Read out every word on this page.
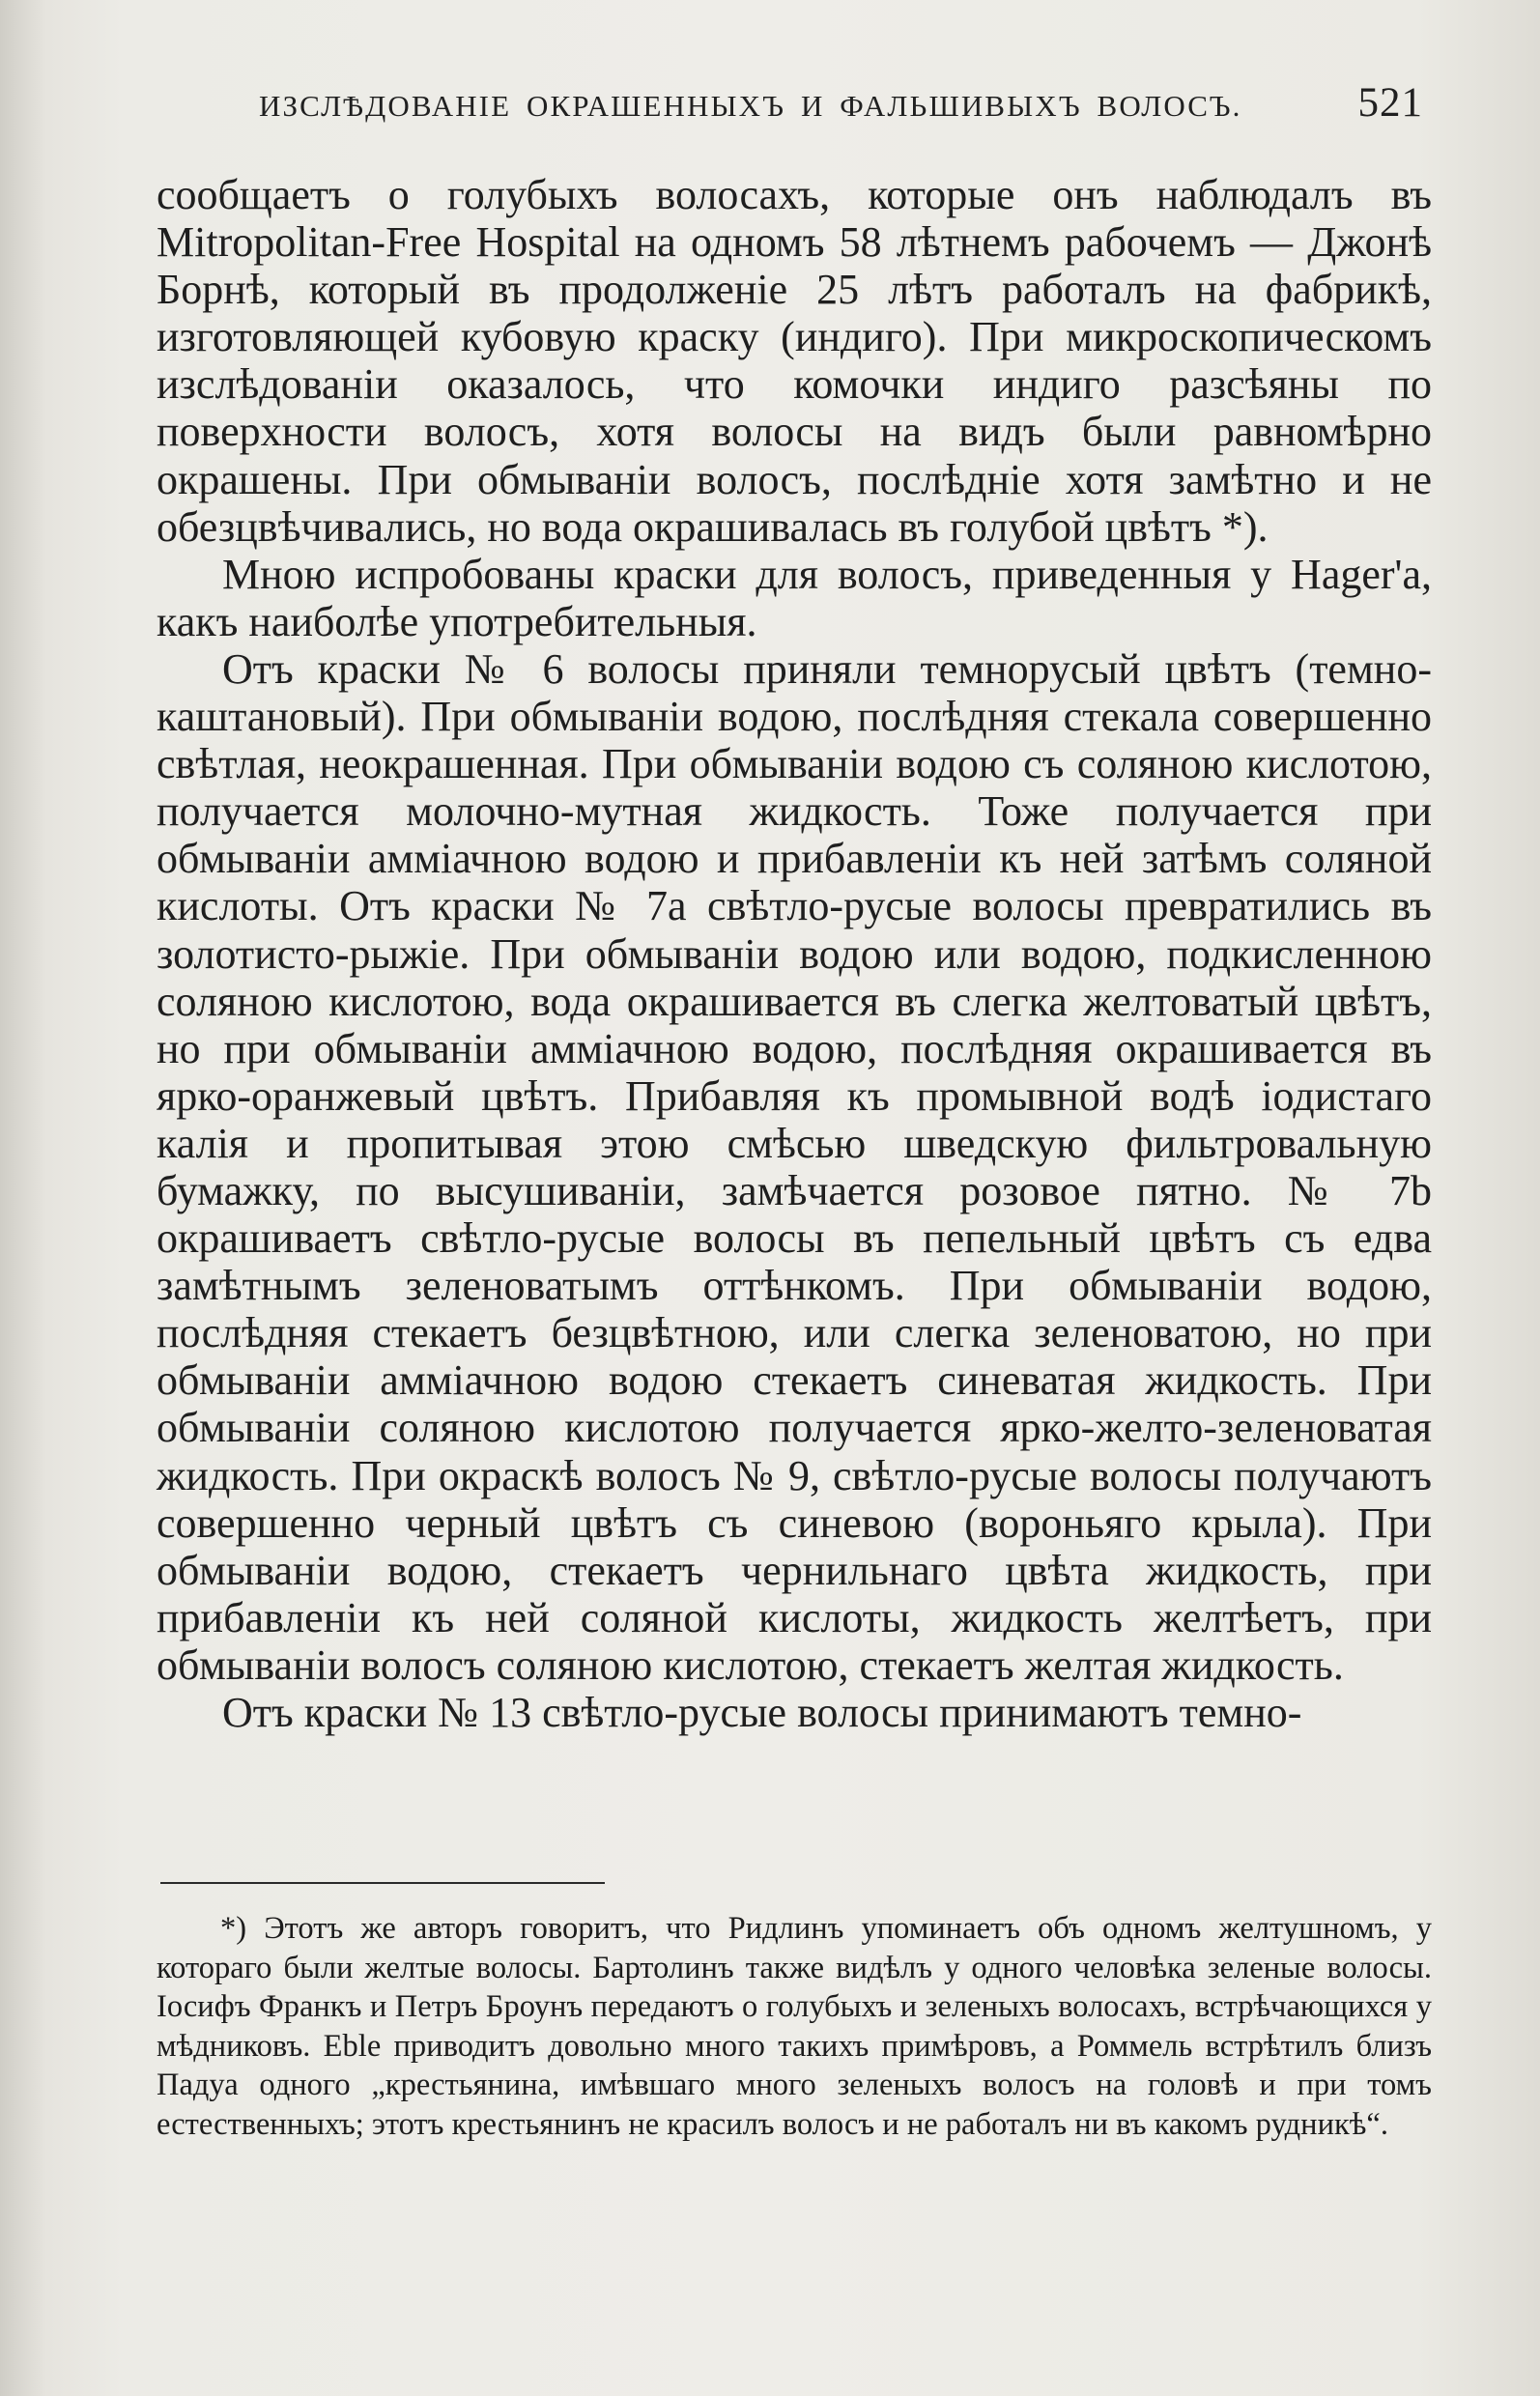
ИЗСЛѢДОВАНІЕ ОКРАШЕННЫХЪ И ФАЛЬШИВЫХЪ ВОЛОСЪ.	521

сообщаетъ о голубыхъ волосахъ, которые онъ наблюдалъ въ Mitropolitan-Free Hospital на одномъ 58 лѣтнемъ рабочемъ — Джонѣ Борнѣ, который въ продолженіе 25 лѣтъ работалъ на фабрикѣ, изготовляющей кубовую краску (индиго). При микроскопическомъ изслѣдованіи оказалось, что комочки индиго разсѣяны по поверхности волосъ, хотя волосы на видъ были равномѣрно окрашены. При обмываніи волосъ, послѣдніе хотя замѣтно и не обезцвѣчивались, но вода окрашивалась въ голубой цвѣтъ *).

Мною испробованы краски для волосъ, приведенныя у Hager'а, какъ наиболѣе употребительныя.

Отъ краски № 6 волосы приняли темнорусый цвѣтъ (темно-каштановый). При обмываніи водою, послѣдняя стекала совершенно свѣтлая, неокрашенная. При обмываніи водою съ соляною кислотою, получается молочно-мутная жидкость. Тоже получается при обмываніи амміачною водою и прибавленіи къ ней затѣмъ соляной кислоты. Отъ краски № 7а свѣтло-русые волосы превратились въ золотисто-рыжіе. При обмываніи водою или водою, подкисленною соляною кислотою, вода окрашивается въ слегка желтоватый цвѣтъ, но при обмываніи амміачною водою, послѣдняя окрашивается въ ярко-оранжевый цвѣтъ. Прибавляя къ промывной водѣ іодистаго калія и пропитывая этою смѣсью шведскую фильтровальную бумажку, по высушиваніи, замѣчается розовое пятно. № 7b окрашиваетъ свѣтло-русые волосы въ пепельный цвѣтъ съ едва замѣтнымъ зеленоватымъ оттѣнкомъ. При обмываніи водою, послѣдняя стекаетъ безцвѣтною, или слегка зеленоватою, но при обмываніи амміачною водою стекаетъ синеватая жидкость. При обмываніи соляною кислотою получается ярко-желто-зеленоватая жидкость. При окраскѣ волосъ № 9, свѣтло-русые волосы получаютъ совершенно черный цвѣтъ съ синевою (вороньяго крыла). При обмываніи водою, стекаетъ чернильнаго цвѣта жидкость, при прибавленіи къ ней соляной кислоты, жидкость желтѣетъ, при обмываніи волосъ соляною кислотою, стекаетъ желтая жидкость.

Отъ краски № 13 свѣтло-русые волосы принимаютъ темно-

*) Этотъ же авторъ говоритъ, что Ридлинъ упоминаетъ объ одномъ желтушномъ, у котораго были желтые волосы. Бартолинъ также видѣлъ у одного человѣка зеленые волосы. Іосифъ Франкъ и Петръ Броунъ передаютъ о голубыхъ и зеленыхъ волосахъ, встрѣчающихся у мѣдниковъ. Eble приводитъ довольно много такихъ примѣровъ, а Роммель встрѣтилъ близъ Падуа одного „крестьянина, имѣвшаго много зеленыхъ волосъ на головѣ и при томъ естественныхъ; этотъ крестьянинъ не красилъ волосъ и не работалъ ни въ какомъ рудникѣ“.
